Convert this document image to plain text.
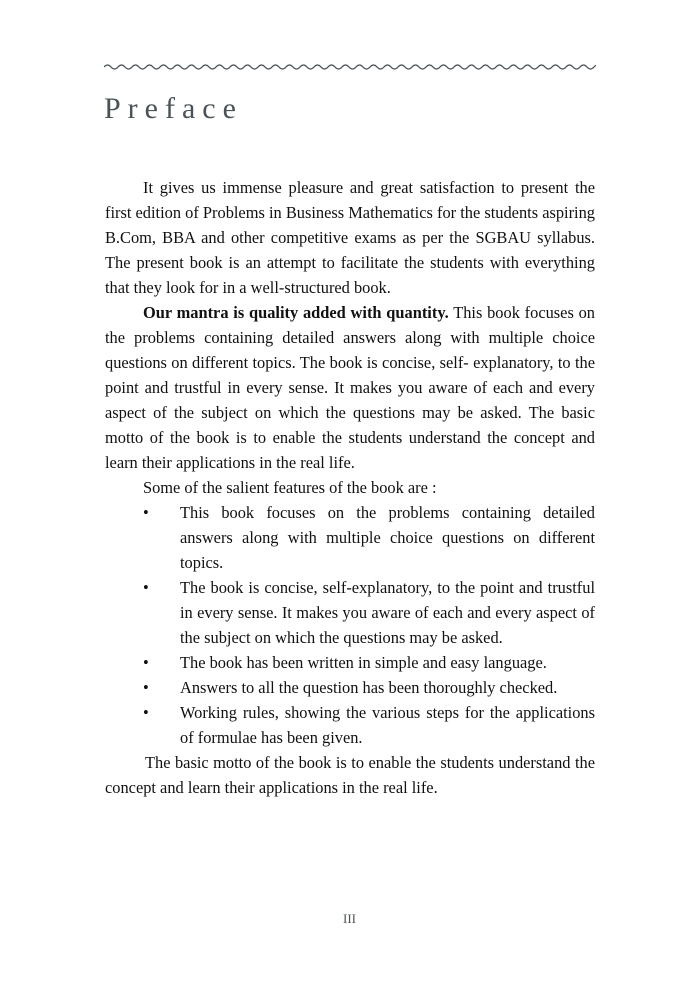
Preface

It gives us immense pleasure and great satisfaction to present the first edition of Problems in Business Mathematics for the students aspiring B.Com, BBA and other competitive exams as per the SGBAU syllabus. The present book is an attempt to facilitate the students with everything that they look for in a well-structured book.

Our mantra is quality added with quantity. This book focuses on the problems containing detailed answers along with multiple choice questions on different topics. The book is concise, self- explanatory, to the point and trustful in every sense. It makes you aware of each and every aspect of the subject on which the questions may be asked. The basic motto of the book is to enable the students understand the concept and learn their applications in the real life.

Some of the salient features of the book are :

• This book focuses on the problems containing detailed answers along with multiple choice questions on different topics.
• The book is concise, self-explanatory, to the point and trustful in every sense. It makes you aware of each and every aspect of the subject on which the questions may be asked.
• The book has been written in simple and easy language.
• Answers to all the question has been thoroughly checked.
• Working rules, showing the various steps for the applications of formulae has been given.

The basic motto of the book is to enable the students understand the concept and learn their applications in the real life.

III
